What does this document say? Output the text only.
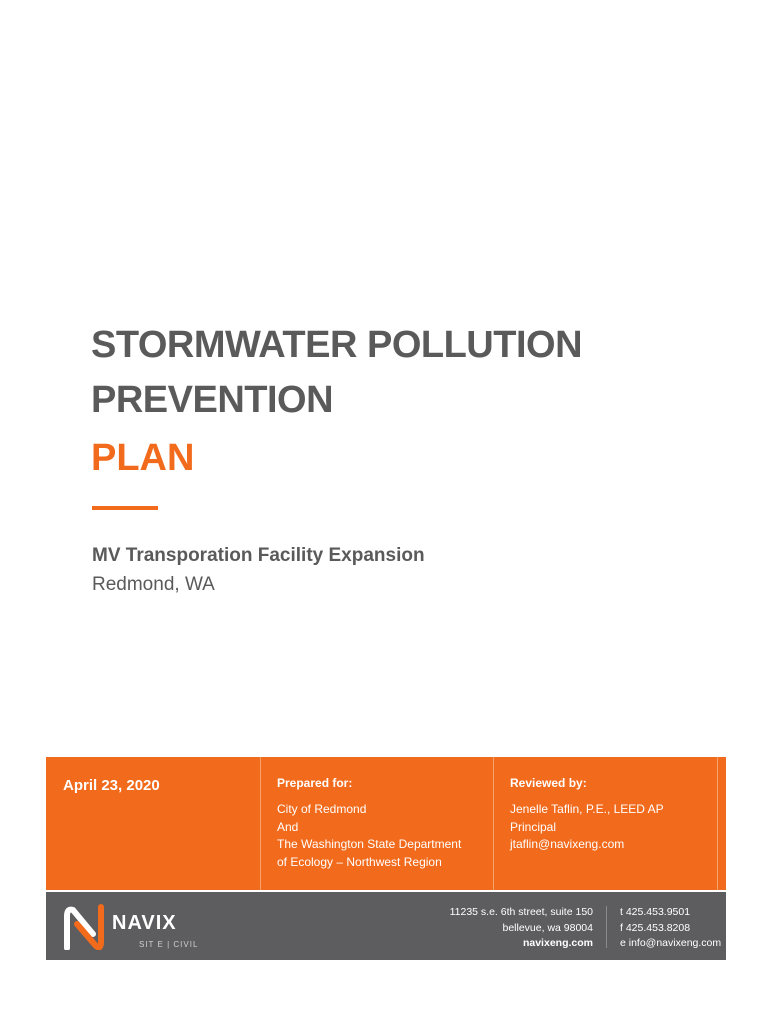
STORMWATER POLLUTION
PREVENTION
PLAN
MV Transporation Facility Expansion
Redmond, WA
April 23, 2020	Prepared for:
City of Redmond
And
The Washington State Department
of Ecology – Northwest Region
Reviewed by:
Jenelle Taflin, P.E., LEED AP
Principal
jtaflin@navixeng.com
NAVIX
SIT E | CIVIL
11235 s.e. 6th street, suite 150
bellevue, wa 98004
navixeng.com
t 425.453.9501
f 425.453.8208
e info@navixeng.com
